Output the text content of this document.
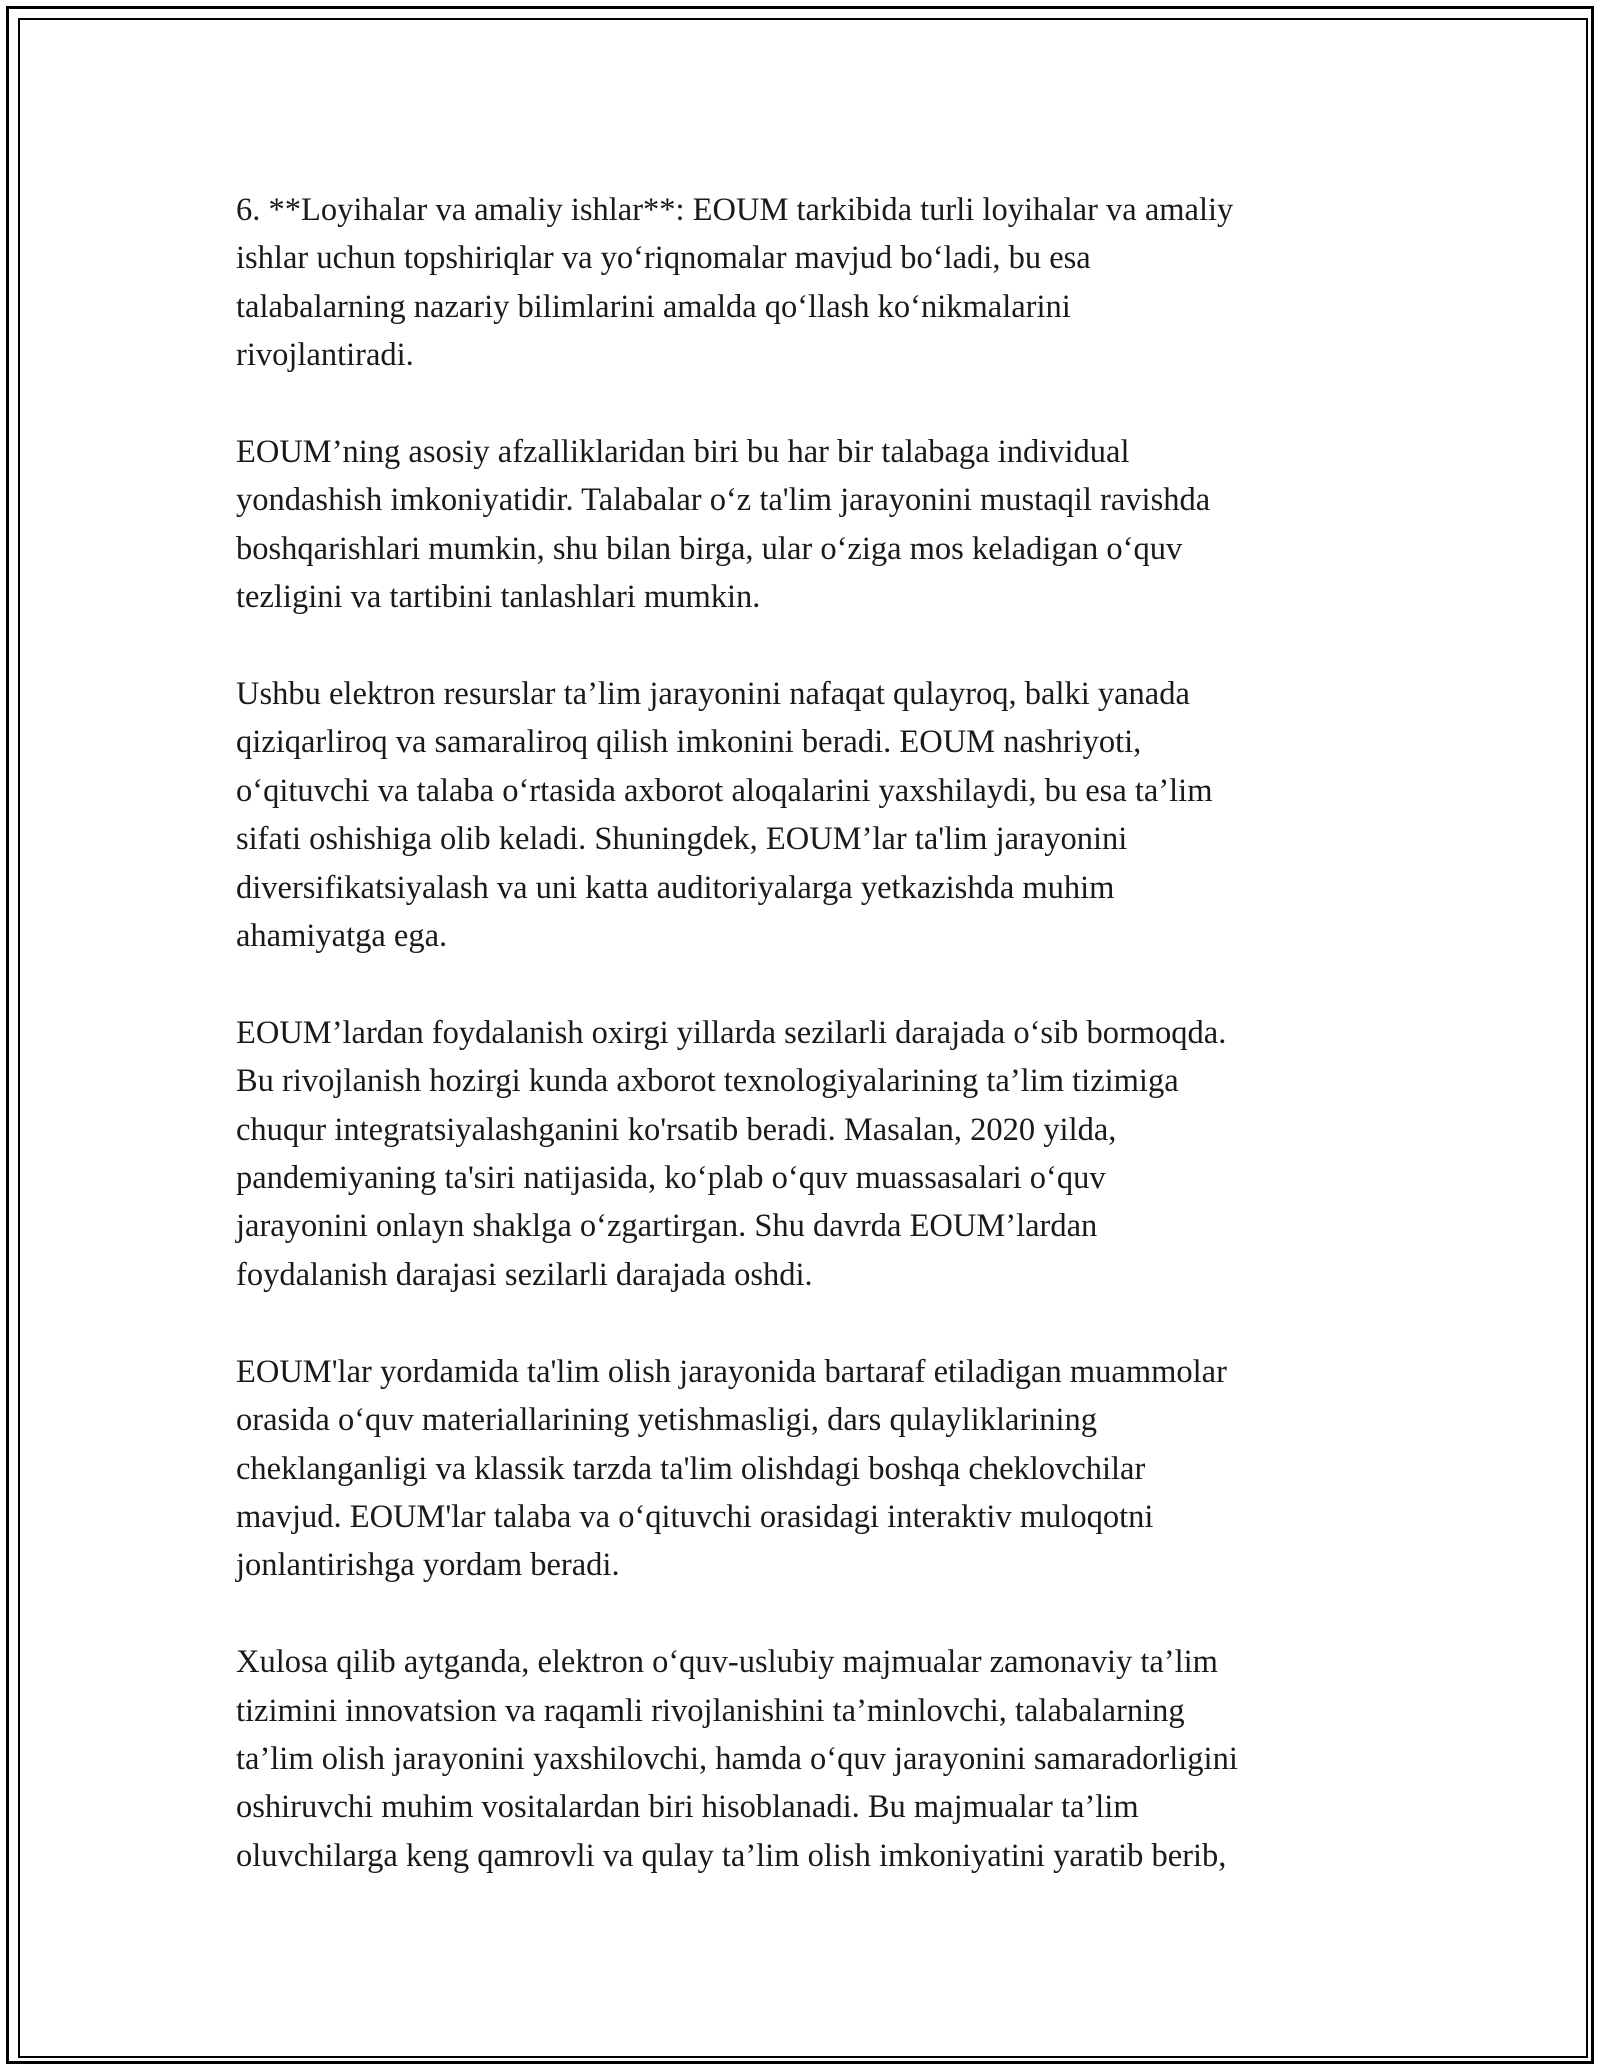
6. **Loyihalar va amaliy ishlar**: EOUM tarkibida turli loyihalar va amaliy
ishlar uchun topshiriqlar va yo‘riqnomalar mavjud bo‘ladi, bu esa
talabalarning nazariy bilimlarini amalda qo‘llash ko‘nikmalarini
rivojlantiradi.

EOUM’ning asosiy afzalliklaridan biri bu har bir talabaga individual
yondashish imkoniyatidir. Talabalar o‘z ta'lim jarayonini mustaqil ravishda
boshqarishlari mumkin, shu bilan birga, ular o‘ziga mos keladigan o‘quv
tezligini va tartibini tanlashlari mumkin.

Ushbu elektron resurslar ta’lim jarayonini nafaqat qulayroq, balki yanada
qiziqarliroq va samaraliroq qilish imkonini beradi. EOUM nashriyoti,
o‘qituvchi va talaba o‘rtasida axborot aloqalarini yaxshilaydi, bu esa ta’lim
sifati oshishiga olib keladi. Shuningdek, EOUM’lar ta'lim jarayonini
diversifikatsiyalash va uni katta auditoriyalarga yetkazishda muhim
ahamiyatga ega.

EOUM’lardan foydalanish oxirgi yillarda sezilarli darajada o‘sib bormoqda.
Bu rivojlanish hozirgi kunda axborot texnologiyalarining ta’lim tizimiga
chuqur integratsiyalashganini ko'rsatib beradi. Masalan, 2020 yilda,
pandemiyaning ta'siri natijasida, ko‘plab o‘quv muassasalari o‘quv
jarayonini onlayn shaklga o‘zgartirgan. Shu davrda EOUM’lardan
foydalanish darajasi sezilarli darajada oshdi.

EOUM'lar yordamida ta'lim olish jarayonida bartaraf etiladigan muammolar
orasida o‘quv materiallarining yetishmasligi, dars qulayliklarining
cheklanganligi va klassik tarzda ta'lim olishdagi boshqa cheklovchilar
mavjud. EOUM'lar talaba va o‘qituvchi orasidagi interaktiv muloqotni
jonlantirishga yordam beradi.

Xulosa qilib aytganda, elektron o‘quv-uslubiy majmualar zamonaviy ta’lim
tizimini innovatsion va raqamli rivojlanishini ta’minlovchi, talabalarning
ta’lim olish jarayonini yaxshilovchi, hamda o‘quv jarayonini samaradorligini
oshiruvchi muhim vositalardan biri hisoblanadi. Bu majmualar ta’lim
oluvchilarga keng qamrovli va qulay ta’lim olish imkoniyatini yaratib berib,
